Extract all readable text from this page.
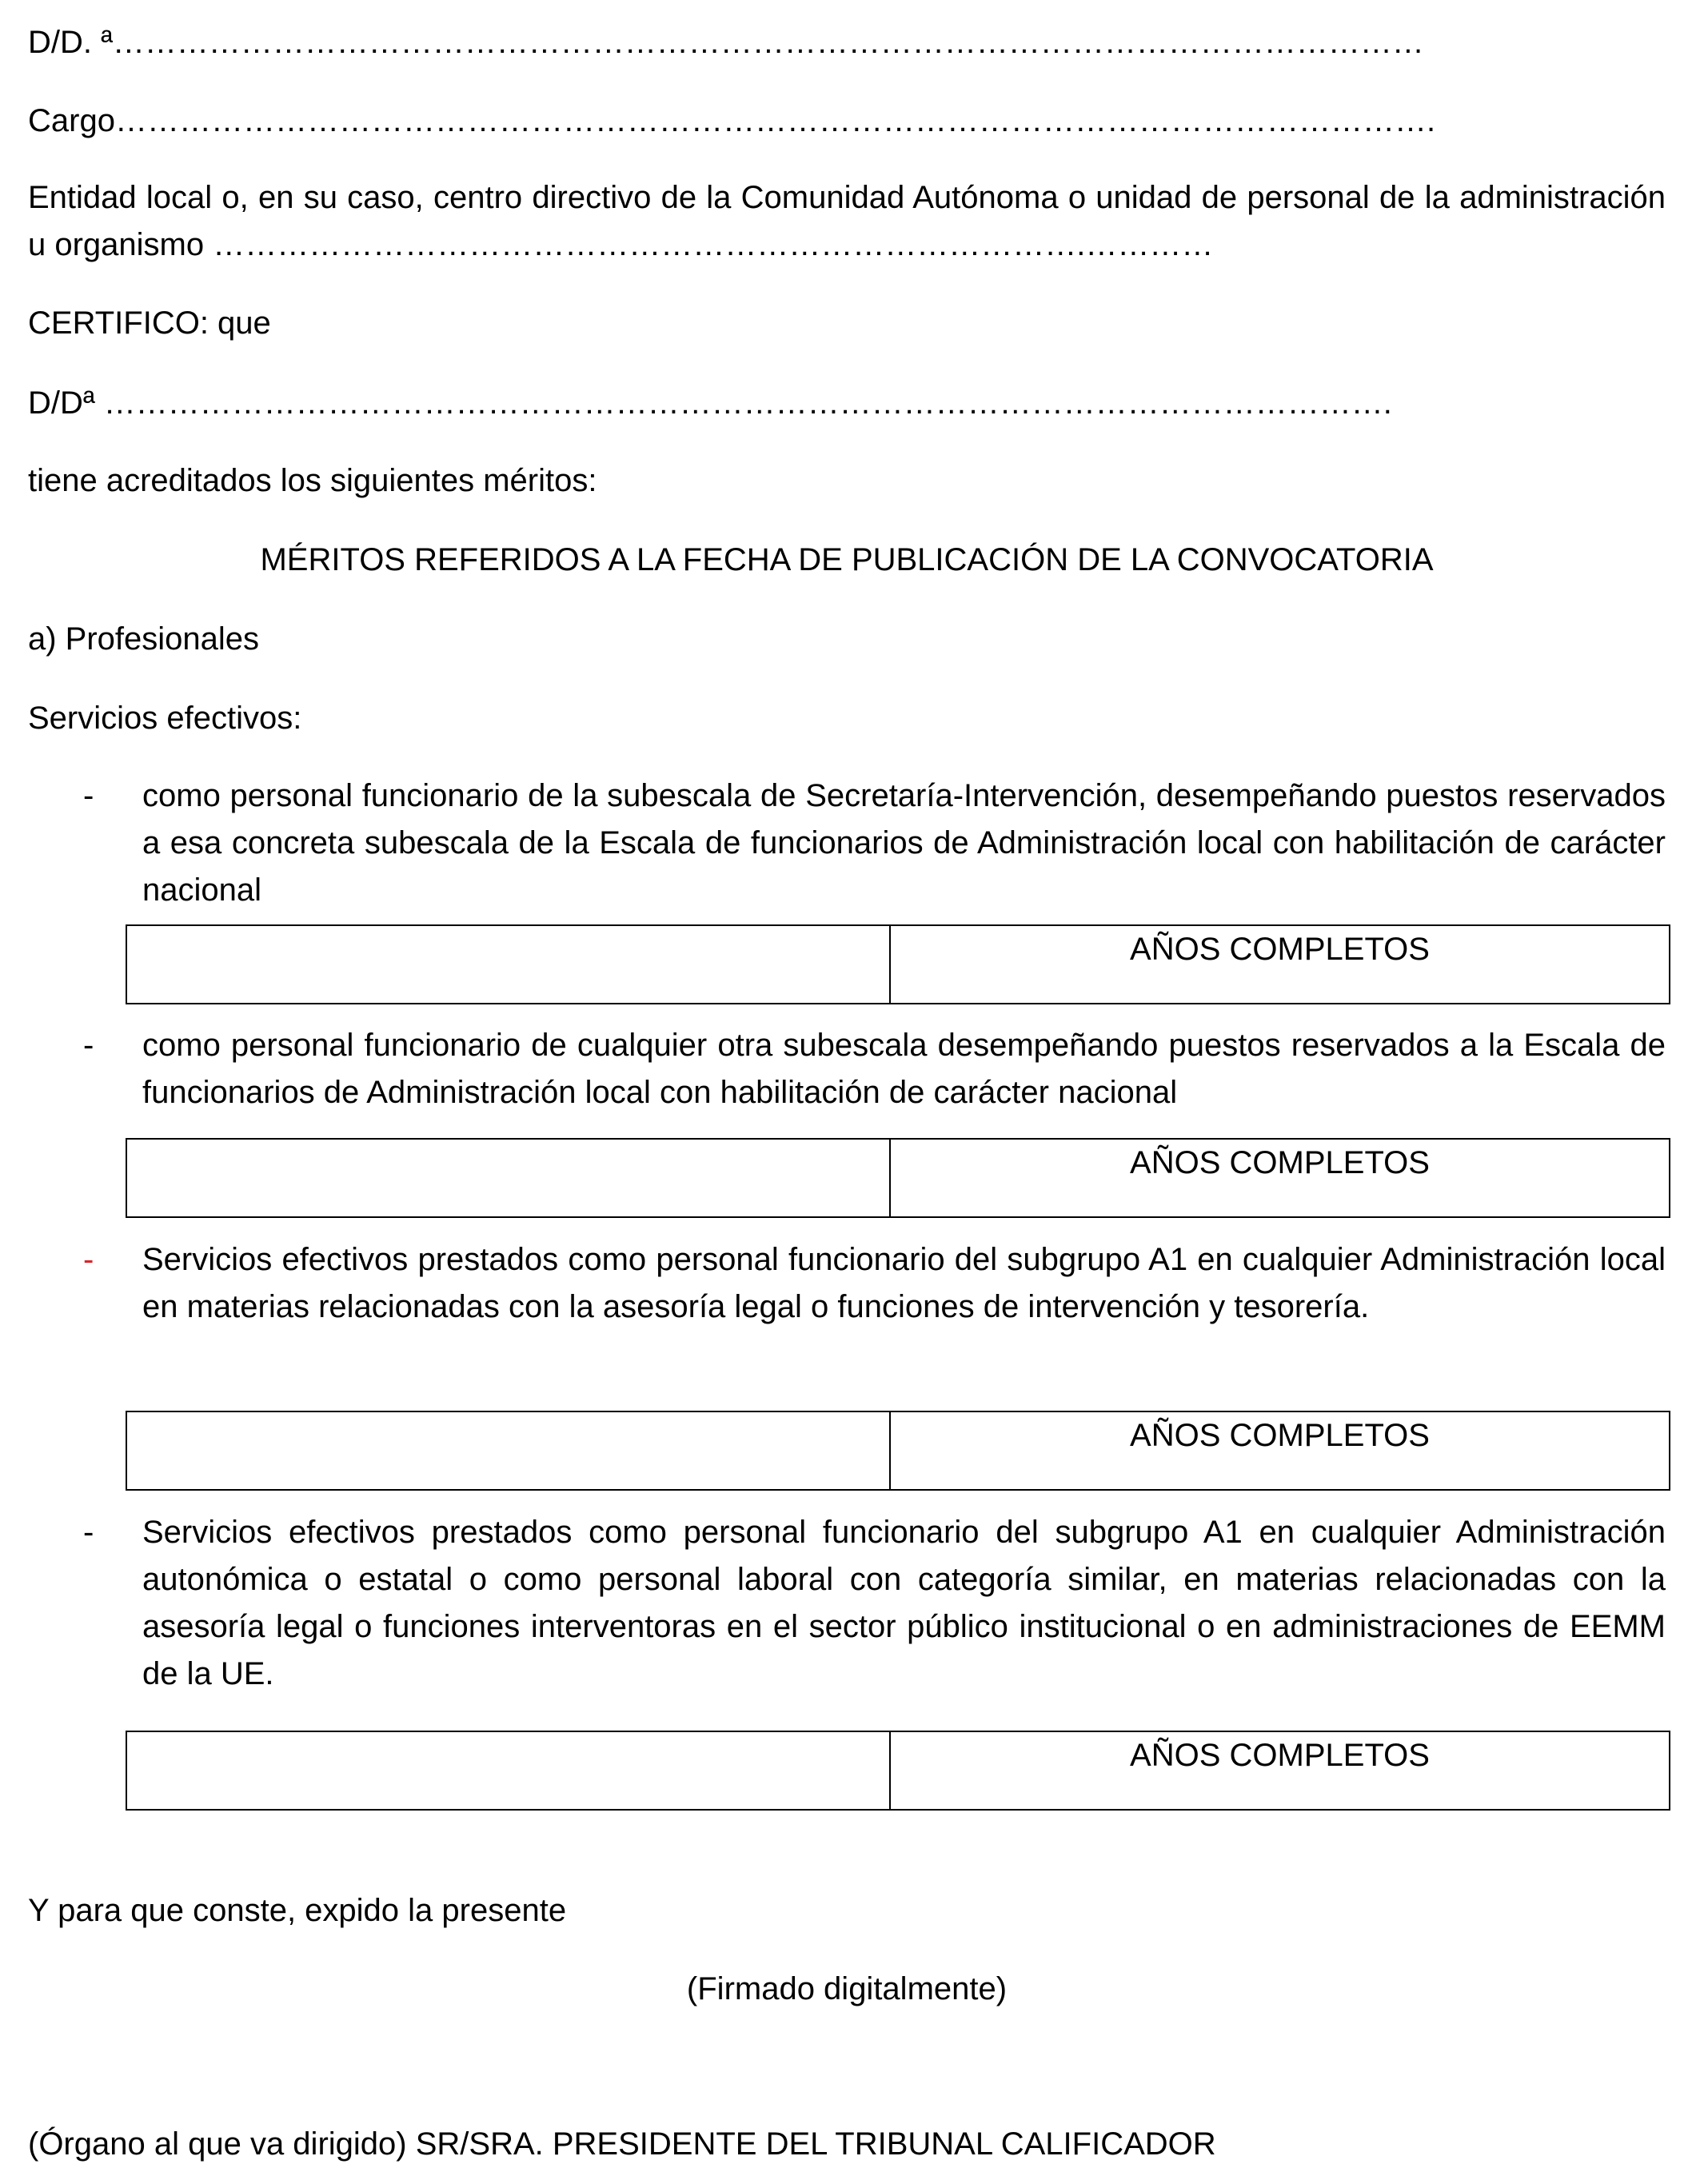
D/D. ª……………………………………………………………………………………………………………
Cargo…………………………………………………………………………………………………………….
Entidad local o, en su caso, centro directivo de la Comunidad Autónoma o unidad de personal de la administración u organismo ……………………………………………………………………….…………
CERTIFICO: que
D/Dª ………………………………………………………………………………………………………….
tiene acreditados los siguientes méritos:
MÉRITOS REFERIDOS A LA FECHA DE PUBLICACIÓN DE LA CONVOCATORIA
a) Profesionales
Servicios efectivos:
- como personal funcionario de la subescala de Secretaría-Intervención, desempeñando puestos reservados a esa concreta subescala de la Escala de funcionarios de Administración local con habilitación de carácter nacional
AÑOS COMPLETOS
- como personal funcionario de cualquier otra subescala desempeñando puestos reservados a la Escala de funcionarios de Administración local con habilitación de carácter nacional
AÑOS COMPLETOS
- Servicios efectivos prestados como personal funcionario del subgrupo A1 en cualquier Administración local en materias relacionadas con la asesoría legal o funciones de intervención y tesorería.
AÑOS COMPLETOS
- Servicios efectivos prestados como personal funcionario del subgrupo A1 en cualquier Administración autonómica o estatal o como personal laboral con categoría similar, en materias relacionadas con la asesoría legal o funciones interventoras en el sector público institucional o en administraciones de EEMM de la UE.
AÑOS COMPLETOS
Y para que conste, expido la presente
(Firmado digitalmente)
(Órgano al que va dirigido) SR/SRA. PRESIDENTE DEL TRIBUNAL CALIFICADOR
